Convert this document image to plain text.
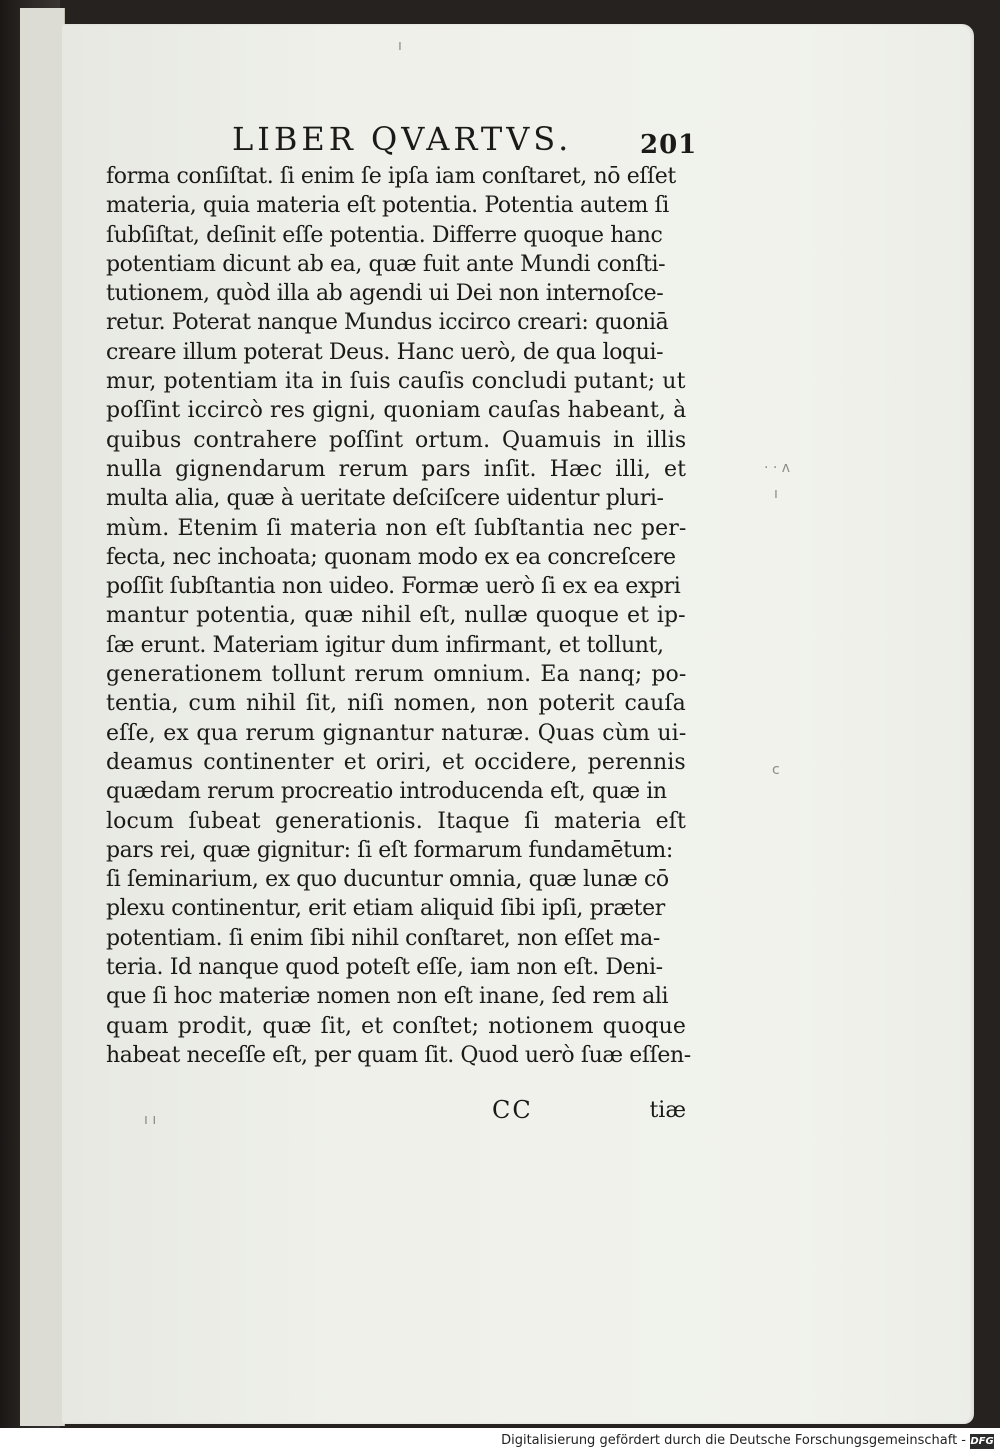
ı
· · ʌ
ı
c
ı ı
LIBER QVARTVS.	201
forma conſiſtat. ſi enim ſe ipſa iam conſtaret, nō eſſet
materia, quia materia eſt potentia. Potentia autem ſi
ſubſiſtat, deſinit eſſe potentia. Differre quoque hanc
potentiam dicunt ab ea, quæ fuit ante Mundi conſti-
tutionem, quòd illa ab agendi ui Dei non internoſce-
retur. Poterat nanque Mundus iccirco creari: quoniā
creare illum poterat Deus. Hanc uerò, de qua loqui-
mur, potentiam ita in ſuis cauſis concludi putant; ut
poſſint iccircò res gigni, quoniam cauſas habeant, à
quibus contrahere poſſint ortum. Quamuis in illis
nulla gignendarum rerum pars inſit. Hæc illi, et
multa alia, quæ à ueritate deſciſcere uidentur pluri-
mùm. Etenim ſi materia non eſt ſubſtantia nec per-
fecta, nec inchoata; quonam modo ex ea concreſcere
poſſit ſubſtantia non uideo. Formæ uerò ſi ex ea expri
mantur potentia, quæ nihil eſt, nullæ quoque et ip-
ſæ erunt. Materiam igitur dum infirmant, et tollunt,
generationem tollunt rerum omnium. Ea nanq; po-
tentia, cum nihil ſit, niſi nomen, non poterit cauſa
eſſe, ex qua rerum gignantur naturæ. Quas cùm ui-
deamus continenter et oriri, et occidere, perennis
quædam rerum procreatio introducenda eſt, quæ in
locum ſubeat generationis. Itaque ſi materia eſt
pars rei, quæ gignitur: ſi eſt formarum fundamētum:
ſi ſeminarium, ex quo ducuntur omnia, quæ lunæ cō
plexu continentur, erit etiam aliquid ſibi ipſi, præter
potentiam. ſi enim ſibi nihil conſtaret, non eſſet ma-
teria. Id nanque quod poteſt eſſe, iam non eſt. Deni-
que ſi hoc materiæ nomen non eſt inane, ſed rem ali
quam prodit, quæ ſit, et conſtet; notionem quoque
habeat neceſſe eſt, per quam ſit. Quod uerò ſuæ eſſen-
CC	tiæ
Digitalisierung gefördert durch die Deutsche Forschungsgemeinschaft - DFG
